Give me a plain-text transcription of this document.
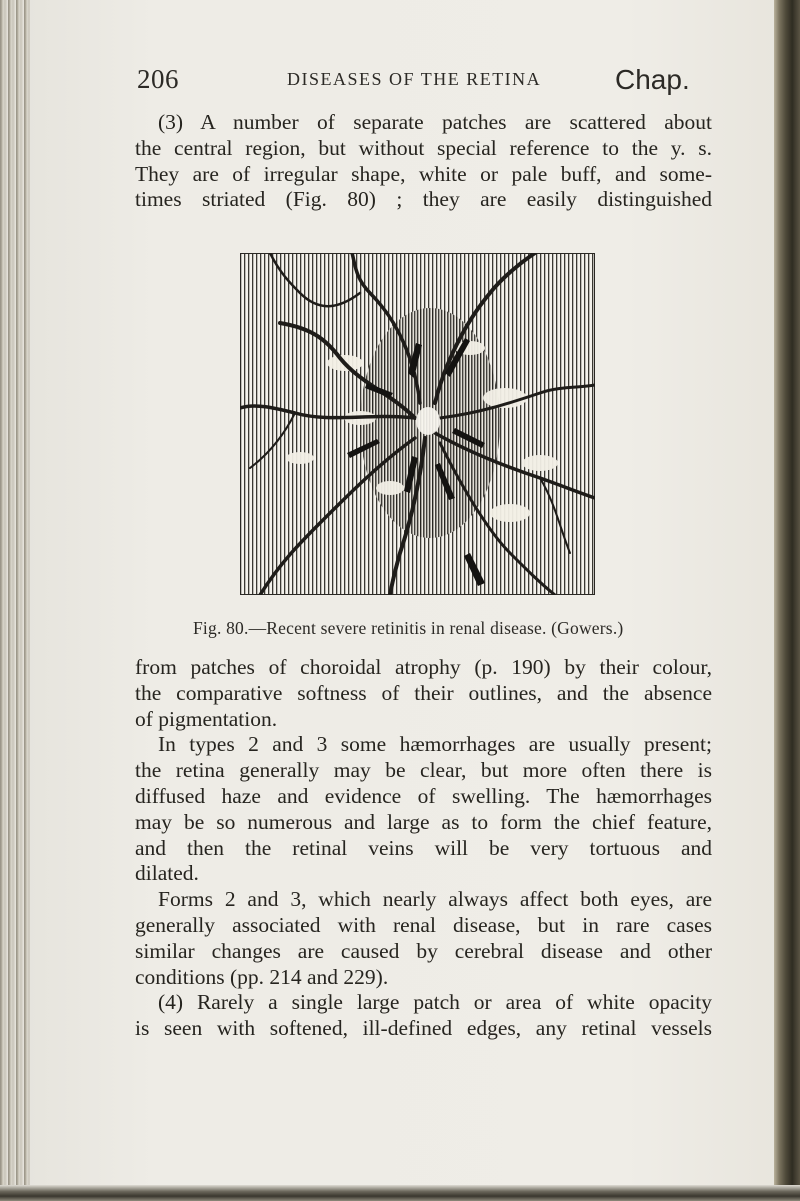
206	DISEASES OF THE RETINA	Chap.
(3) A number of separate patches are scattered about
the central region, but without special reference to the y. s.
They are of irregular shape, white or pale buff, and some-
times striated (Fig. 80) ; they are easily distinguished
Fig. 80.—Recent severe retinitis in renal disease. (Gowers.)
from patches of choroidal atrophy (p. 190) by their colour,
the comparative softness of their outlines, and the absence
of pigmentation.
In types 2 and 3 some hæmorrhages are usually present;
the retina generally may be clear, but more often there is
diffused haze and evidence of swelling. The hæmorrhages
may be so numerous and large as to form the chief feature,
and then the retinal veins will be very tortuous and
dilated.
Forms 2 and 3, which nearly always affect both eyes, are
generally associated with renal disease, but in rare cases
similar changes are caused by cerebral disease and other
conditions (pp. 214 and 229).
(4) Rarely a single large patch or area of white opacity
is seen with softened, ill-defined edges, any retinal vessels
